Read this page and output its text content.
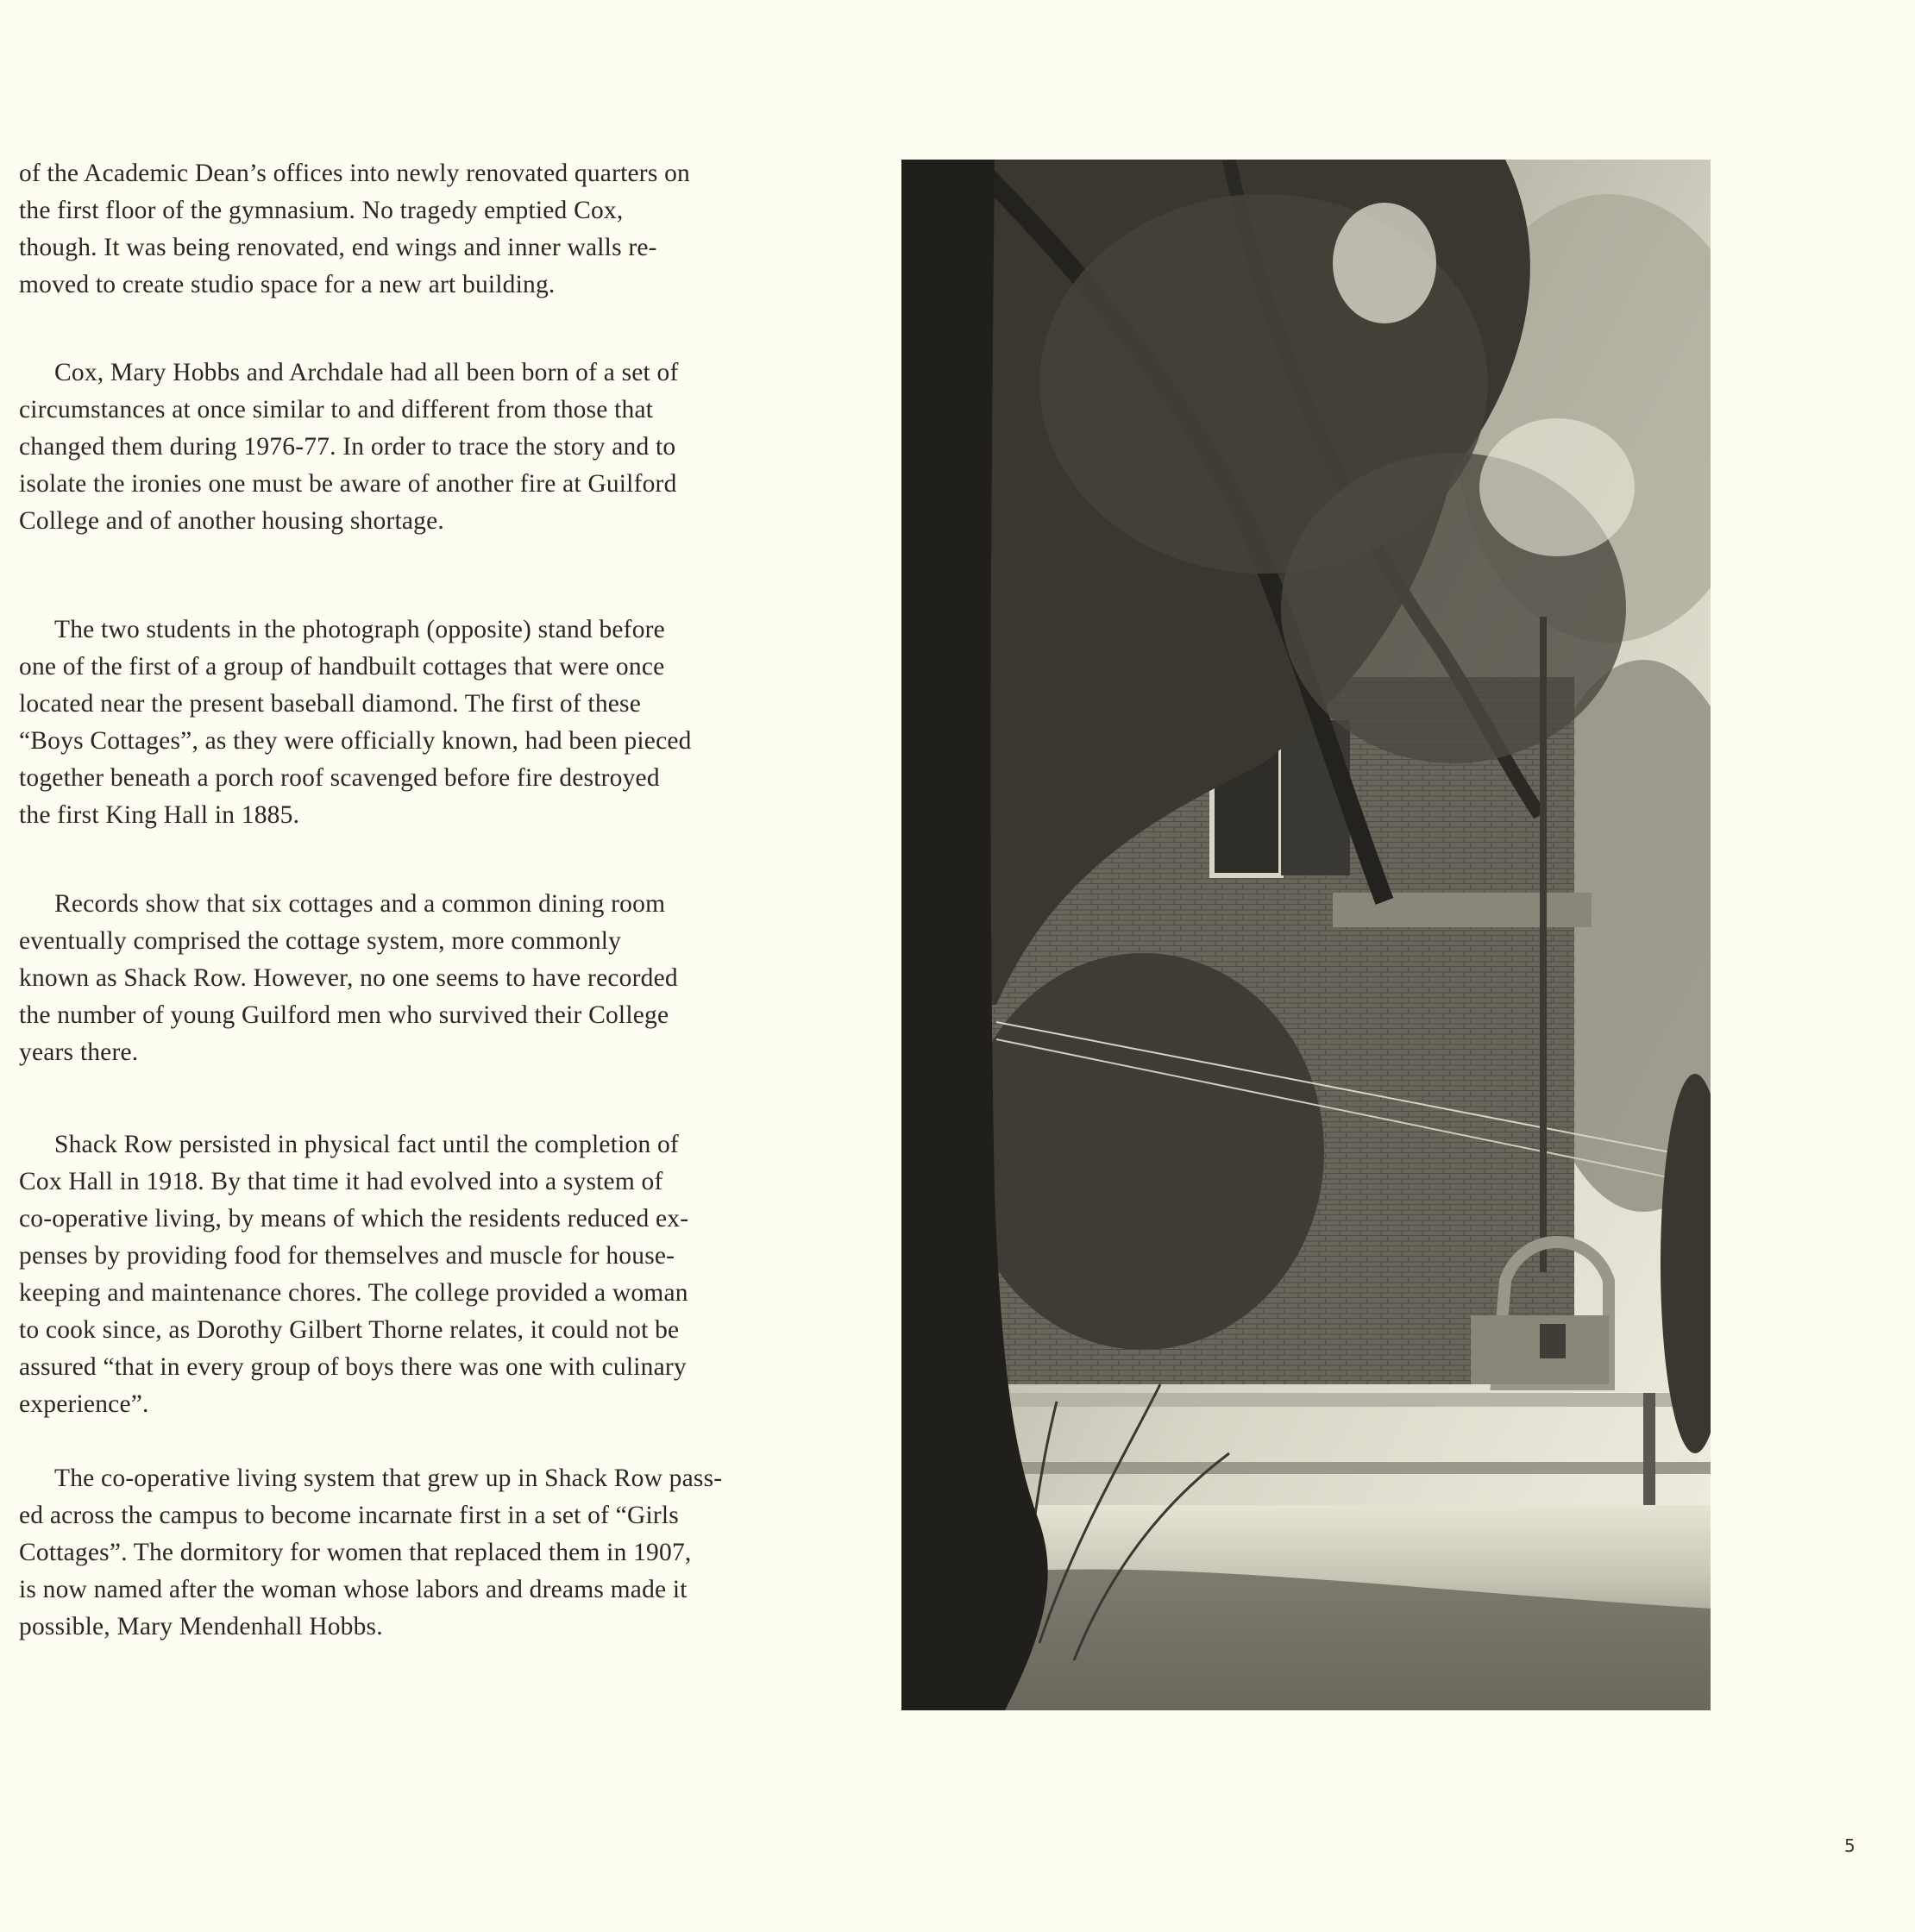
of the Academic Dean’s offices into newly renovated quarters on
the first floor of the gymnasium. No tragedy emptied Cox,
though. It was being renovated, end wings and inner walls re-
moved to create studio space for a new art building.
Cox, Mary Hobbs and Archdale had all been born of a set of
circumstances at once similar to and different from those that
changed them during 1976-77. In order to trace the story and to
isolate the ironies one must be aware of another fire at Guilford
College and of another housing shortage.
The two students in the photograph (opposite) stand before
one of the first of a group of handbuilt cottages that were once
located near the present baseball diamond. The first of these
“Boys Cottages”, as they were officially known, had been pieced
together beneath a porch roof scavenged before fire destroyed
the first King Hall in 1885.
Records show that six cottages and a common dining room
eventually comprised the cottage system, more commonly
known as Shack Row. However, no one seems to have recorded
the number of young Guilford men who survived their College
years there.
Shack Row persisted in physical fact until the completion of
Cox Hall in 1918. By that time it had evolved into a system of
co-operative living, by means of which the residents reduced ex-
penses by providing food for themselves and muscle for house-
keeping and maintenance chores. The college provided a woman
to cook since, as Dorothy Gilbert Thorne relates, it could not be
assured “that in every group of boys there was one with culinary
experience”.
The co-operative living system that grew up in Shack Row pass-
ed across the campus to become incarnate first in a set of “Girls
Cottages”. The dormitory for women that replaced them in 1907,
is now named after the woman whose labors and dreams made it
possible, Mary Mendenhall Hobbs.
5
